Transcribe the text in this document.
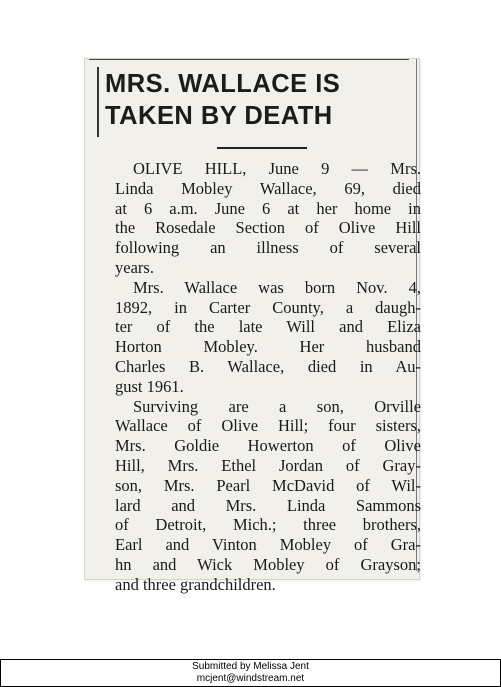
MRS. WALLACE IS
TAKEN BY DEATH
OLIVE HILL, June 9 — Mrs.
Linda Mobley Wallace, 69, died
at 6 a.m. June 6 at her home in
the Rosedale Section of Olive Hill
following an illness of several
years.
Mrs. Wallace was born Nov. 4,
1892, in Carter County, a daugh-
ter of the late Will and Eliza
Horton Mobley. Her husband
Charles B. Wallace, died in Au-
gust 1961.
Surviving are a son, Orville
Wallace of Olive Hill; four sisters,
Mrs. Goldie Howerton of Olive
Hill, Mrs. Ethel Jordan of Gray-
son, Mrs. Pearl McDavid of Wil-
lard and Mrs. Linda Sammons
of Detroit, Mich.; three brothers,
Earl and Vinton Mobley of Gra-
hn and Wick Mobley of Grayson;
and three grandchildren.
Submitted by Melissa Jent
mcjent@windstream.net
